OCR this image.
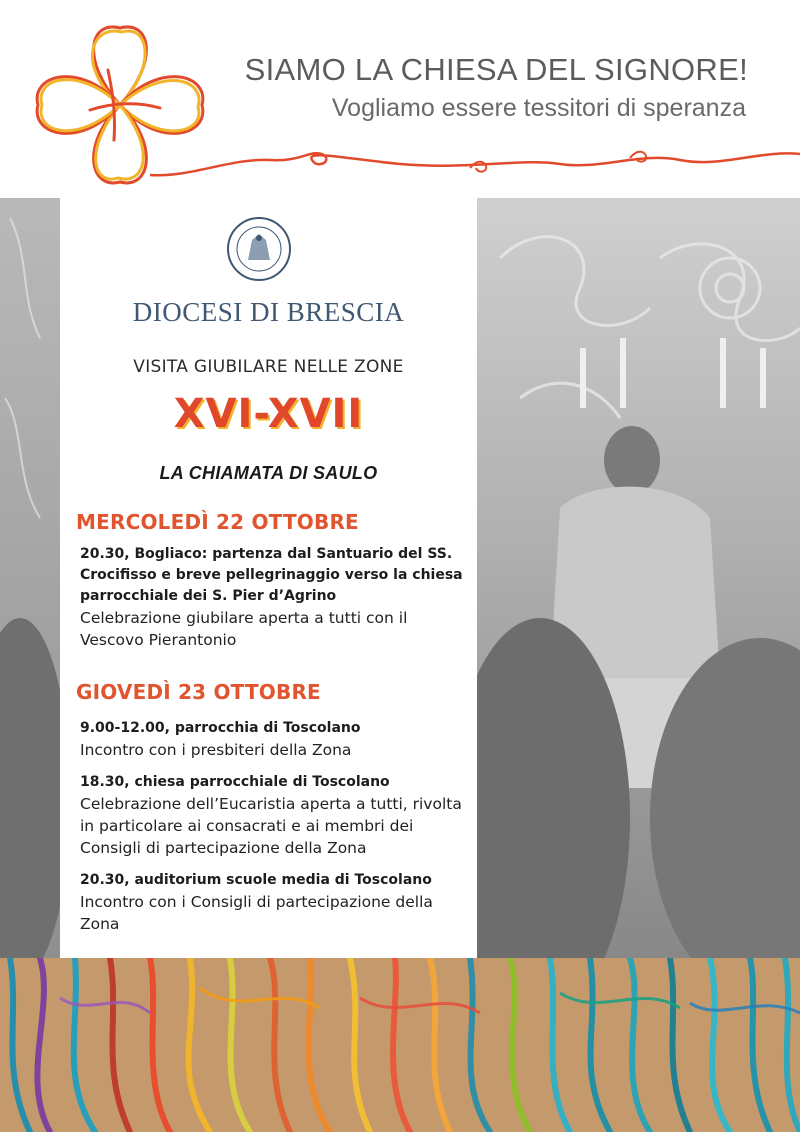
SIAMO LA CHIESA DEL SIGNORE!
Vogliamo essere tessitori di speranza
DIOCESI DI BRESCIA
VISITA GIUBILARE NELLE ZONE
XVI-XVII
LA CHIAMATA DI SAULO
MERCOLEDÌ 22 OTTOBRE
20.30, Bogliaco: partenza dal Santuario del SS. Crocifisso e breve pellegrinaggio verso la chiesa parrocchiale dei S. Pier d’Agrino
Celebrazione giubilare aperta a tutti con il Vescovo Pierantonio
GIOVEDÌ 23 OTTOBRE
9.00-12.00, parrocchia di Toscolano
Incontro con i presbiteri della Zona
18.30, chiesa parrocchiale di Toscolano
Celebrazione dell’Eucaristia aperta a tutti, rivolta in particolare ai consacrati e ai membri dei Consigli di partecipazione della Zona
20.30, auditorium scuole media di Toscolano
Incontro con i Consigli di partecipazione della Zona
